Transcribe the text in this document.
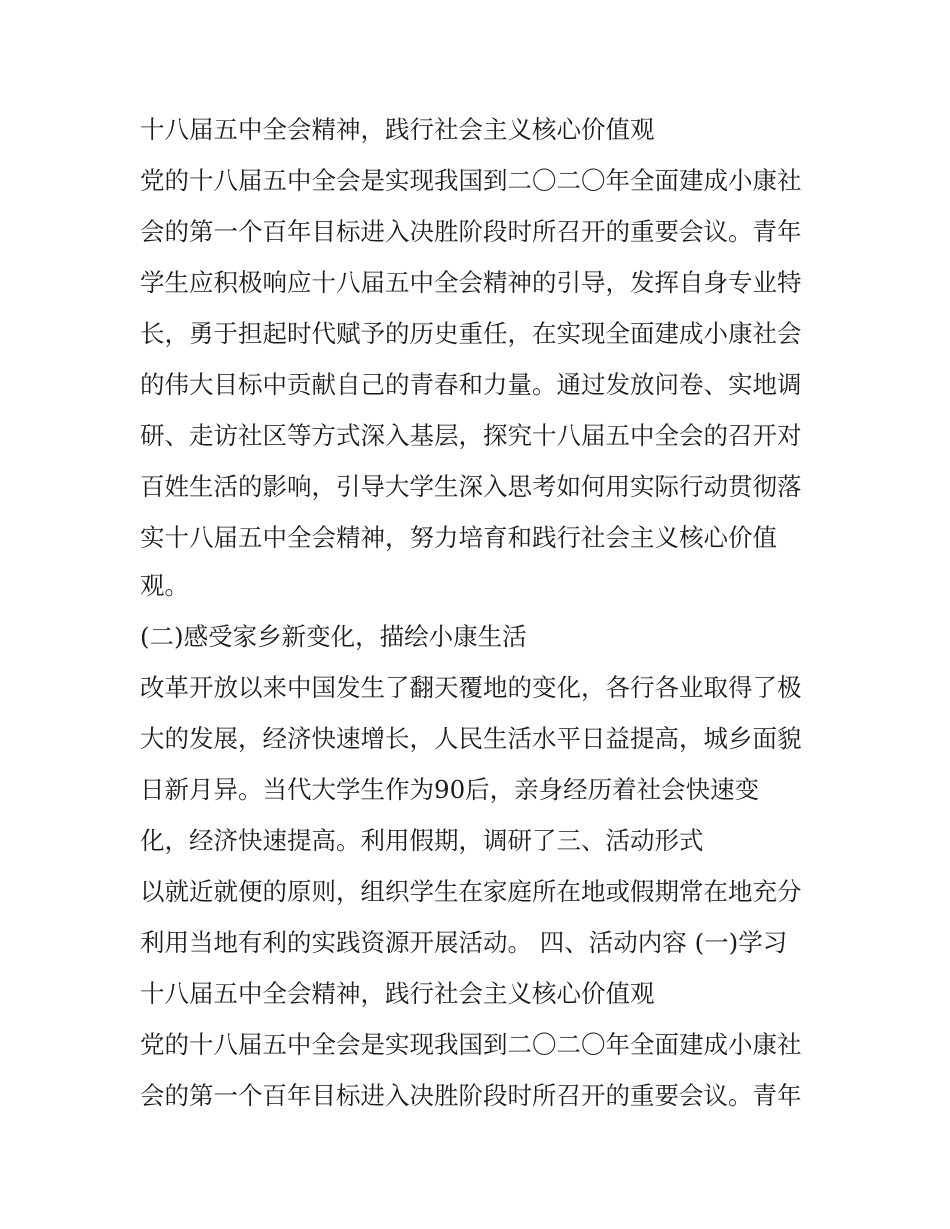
十八届五中全会精神，践行社会主义核心价值观
党的十八届五中全会是实现我国到二〇二〇年全面建成小康社
会的第一个百年目标进入决胜阶段时所召开的重要会议。青年
学生应积极响应十八届五中全会精神的引导，发挥自身专业特
长，勇于担起时代赋予的历史重任，在实现全面建成小康社会
的伟大目标中贡献自己的青春和力量。通过发放问卷、实地调
研、走访社区等方式深入基层，探究十八届五中全会的召开对
百姓生活的影响，引导大学生深入思考如何用实际行动贯彻落
实十八届五中全会精神，努力培育和践行社会主义核心价值
观。
(二)感受家乡新变化，描绘小康生活
改革开放以来中国发生了翻天覆地的变化，各行各业取得了极
大的发展，经济快速增长，人民生活水平日益提高，城乡面貌
日新月异。当代大学生作为90后，亲身经历着社会快速变
化，经济快速提高。利用假期，调研了三、活动形式
以就近就便的原则，组织学生在家庭所在地或假期常在地充分
利用当地有利的实践资源开展活动。 四、活动内容 (一)学习
十八届五中全会精神，践行社会主义核心价值观
党的十八届五中全会是实现我国到二〇二〇年全面建成小康社
会的第一个百年目标进入决胜阶段时所召开的重要会议。青年
